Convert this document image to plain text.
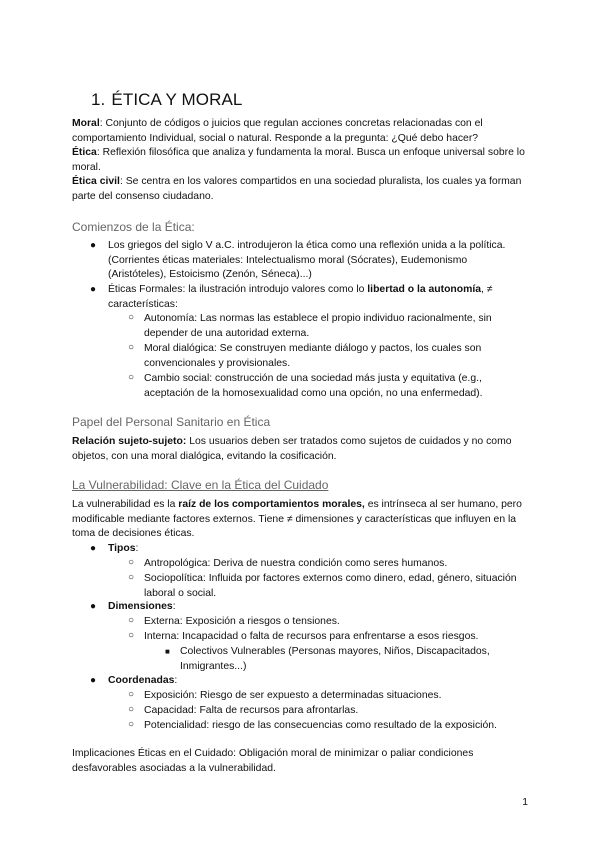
1. ÉTICA Y MORAL
Moral: Conjunto de códigos o juicios que regulan acciones concretas relacionadas con el comportamiento Individual, social o natural. Responde a la pregunta: ¿Qué debo hacer?
Ética: Reflexión filosófica que analiza y fundamenta la moral. Busca un enfoque universal sobre lo moral.
Ética civil: Se centra en los valores compartidos en una sociedad pluralista, los cuales ya forman parte del consenso ciudadano.
Comienzos de la Ética:
● Los griegos del siglo V a.C. introdujeron la ética como una reflexión unida a la política. (Corrientes éticas materiales: Intelectualismo moral (Sócrates), Eudemonismo (Aristóteles), Estoicismo (Zenón, Séneca)...)
● Éticas Formales: la ilustración introdujo valores como lo libertad o la autonomía, ≠ características:
○ Autonomía: Las normas las establece el propio individuo racionalmente, sin depender de una autoridad externa.
○ Moral dialógica: Se construyen mediante diálogo y pactos, los cuales son convencionales y provisionales.
○ Cambio social: construcción de una sociedad más justa y equitativa (e.g., aceptación de la homosexualidad como una opción, no una enfermedad).
Papel del Personal Sanitario en Ética
Relación sujeto-sujeto: Los usuarios deben ser tratados como sujetos de cuidados y no como objetos, con una moral dialógica, evitando la cosificación.
La Vulnerabilidad: Clave en la Ética del Cuidado
La vulnerabilidad es la raíz de los comportamientos morales, es intrínseca al ser humano, pero modificable mediante factores externos. Tiene ≠ dimensiones y características que influyen en la toma de decisiones éticas.
● Tipos:
○ Antropológica: Deriva de nuestra condición como seres humanos.
○ Sociopolítica: Influida por factores externos como dinero, edad, género, situación laboral o social.
● Dimensiones:
○ Externa: Exposición a riesgos o tensiones.
○ Interna: Incapacidad o falta de recursos para enfrentarse a esos riesgos.
■ Colectivos Vulnerables (Personas mayores, Niños, Discapacitados, Inmigrantes...)
● Coordenadas:
○ Exposición: Riesgo de ser expuesto a determinadas situaciones.
○ Capacidad: Falta de recursos para afrontarlas.
○ Potencialidad: riesgo de las consecuencias como resultado de la exposición.
Implicaciones Éticas en el Cuidado: Obligación moral de minimizar o paliar condiciones desfavorables asociadas a la vulnerabilidad.
1
